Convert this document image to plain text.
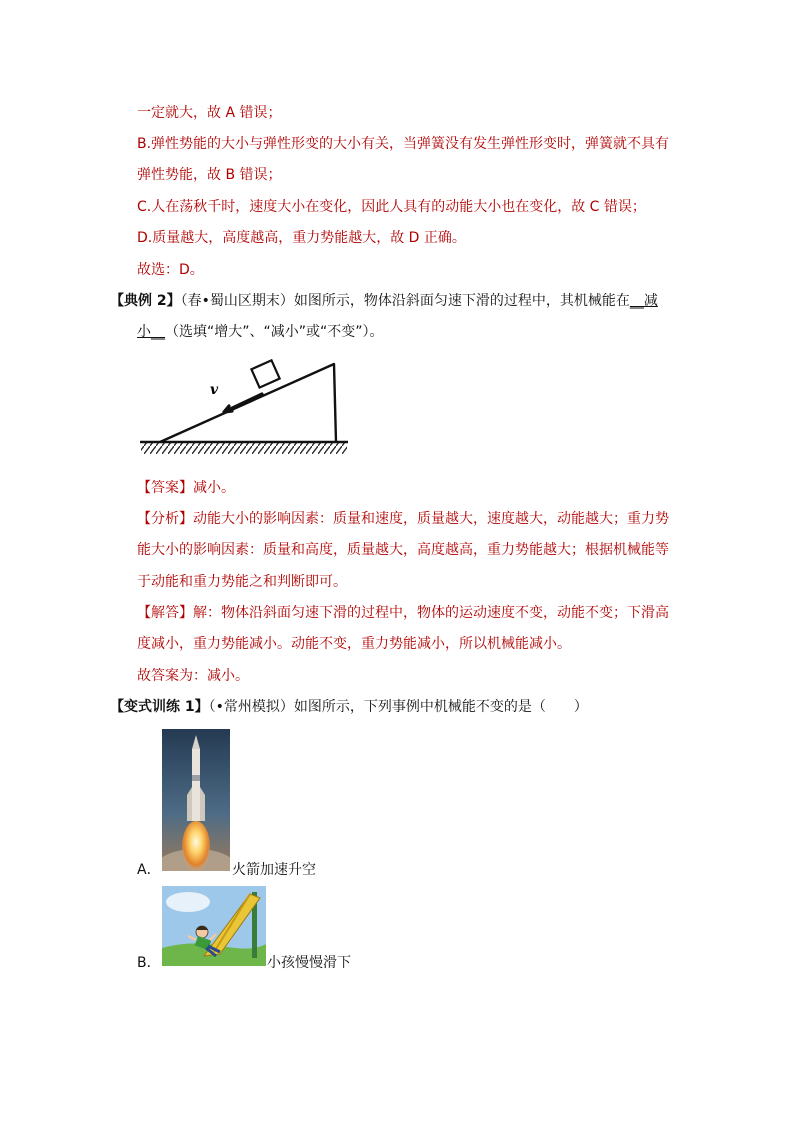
一定就大，故 A 错误；
B.弹性势能的大小与弹性形变的大小有关，当弹簧没有发生弹性形变时，弹簧就不具有
弹性势能，故 B 错误；
C.人在荡秋千时，速度大小在变化，因此人具有的动能大小也在变化，故 C 错误；
D.质量越大，高度越高，重力势能越大，故 D 正确。
故选：D。
【典例 2】（春•蜀山区期末）如图所示，物体沿斜面匀速下滑的过程中，其机械能在__减
小__（选填“增大”、“减小”或“不变”）。
v
【答案】减小。
【分析】动能大小的影响因素：质量和速度，质量越大，速度越大，动能越大；重力势
能大小的影响因素：质量和高度，质量越大，高度越高，重力势能越大；根据机械能等
于动能和重力势能之和判断即可。
【解答】解：物体沿斜面匀速下滑的过程中，物体的运动速度不变，动能不变；下滑高
度减小，重力势能减小。动能不变，重力势能减小，所以机械能减小。
故答案为：减小。
【变式训练 1】（•常州模拟）如图所示，下列事例中机械能不变的是（　　）
A．	火箭加速升空
B．	小孩慢慢滑下
